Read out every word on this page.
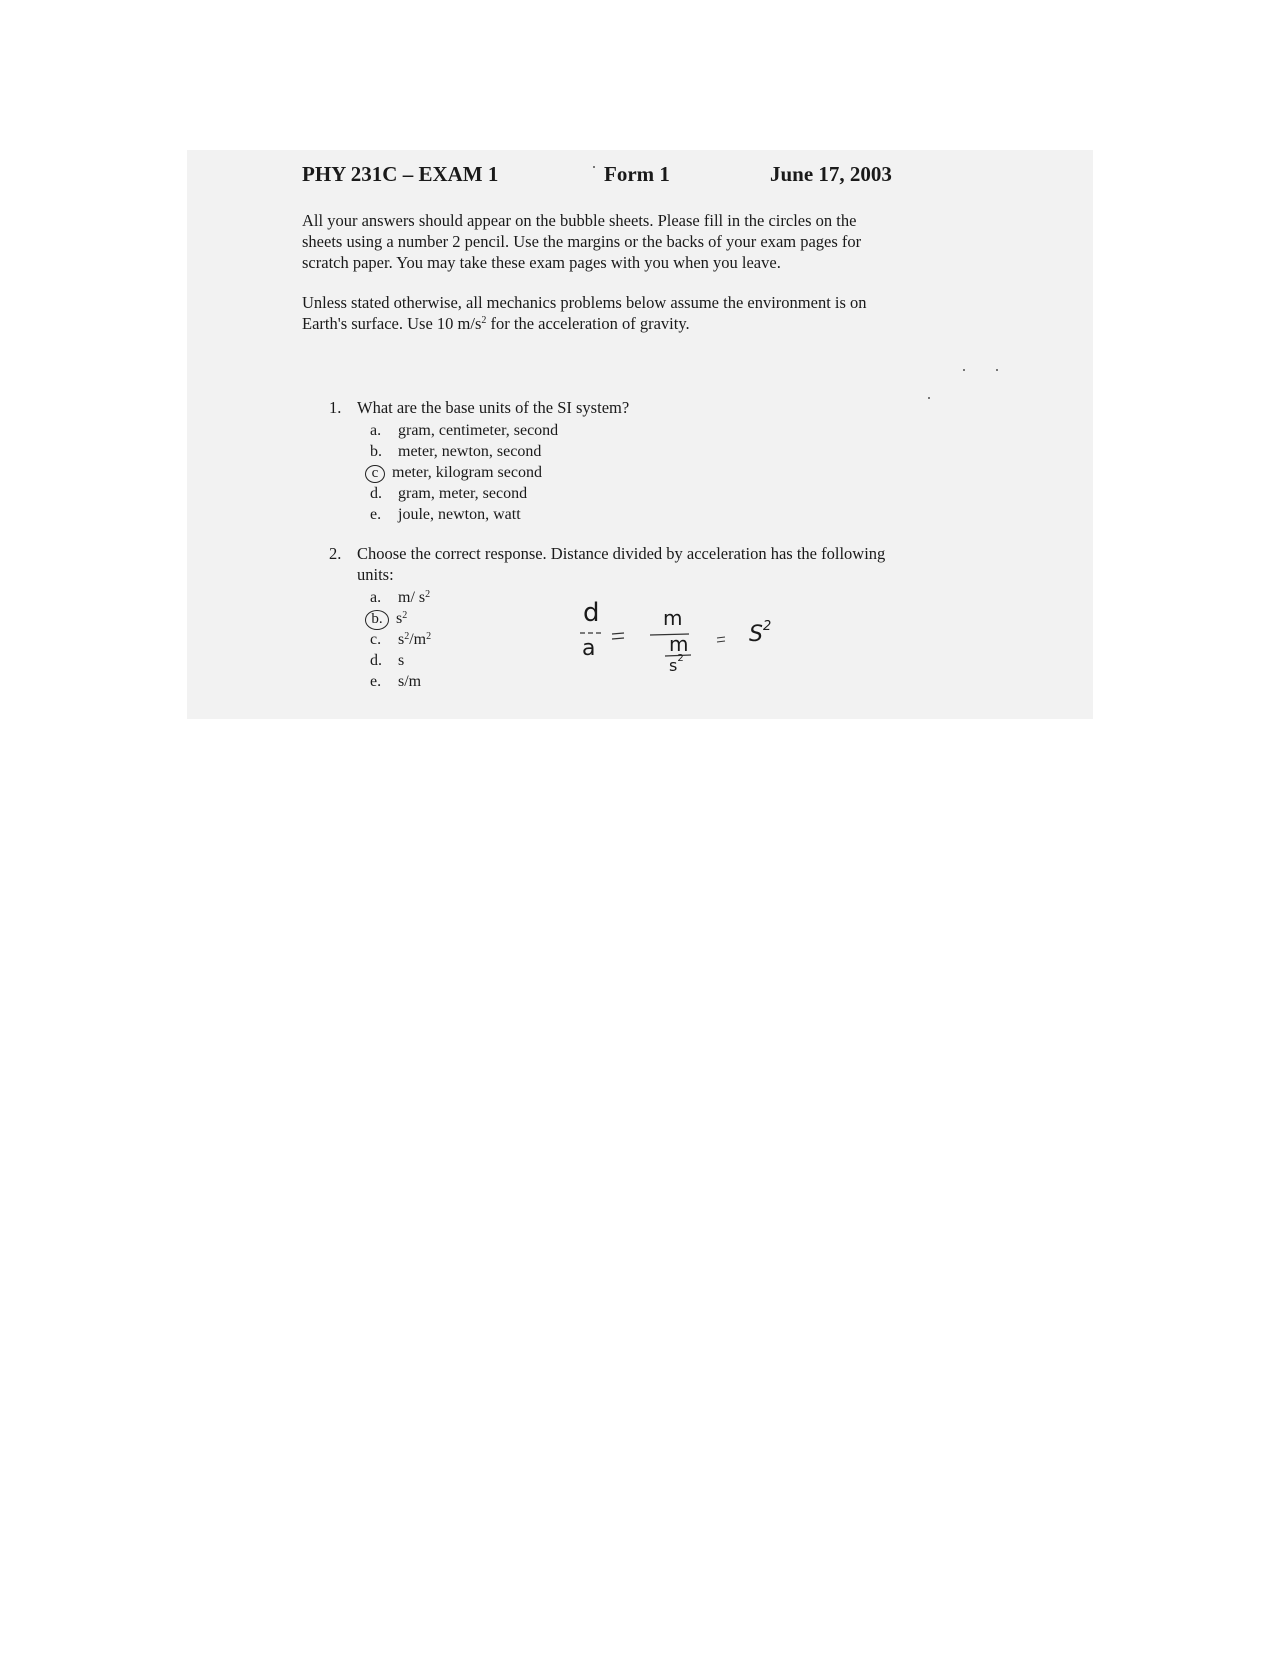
PHY 231C – EXAM 1	Form 1	June 17, 2003

All your answers should appear on the bubble sheets. Please fill in the circles on the

sheets using a number 2 pencil. Use the margins or the backs of your exam pages for

scratch paper. You may take these exam pages with you when you leave.

Unless stated otherwise, all mechanics problems below assume the environment is on

Earth's surface. Use 10 $m/s^2$ for the acceleration of gravity.

1. What are the base units of the SI system?
a. gram, centimeter, second
b. meter, newton, second
c meter, kilogram second
d. gram, meter, second
e. joule, newton, watt
2. Choose the correct response. Distance divided by acceleration has the following
units:
a. m/ $s^2$
b. $s^2$
c. $s^2/m^2$
d. s
e. s/m
d
a
m
m
$s^2$
$S^2$
